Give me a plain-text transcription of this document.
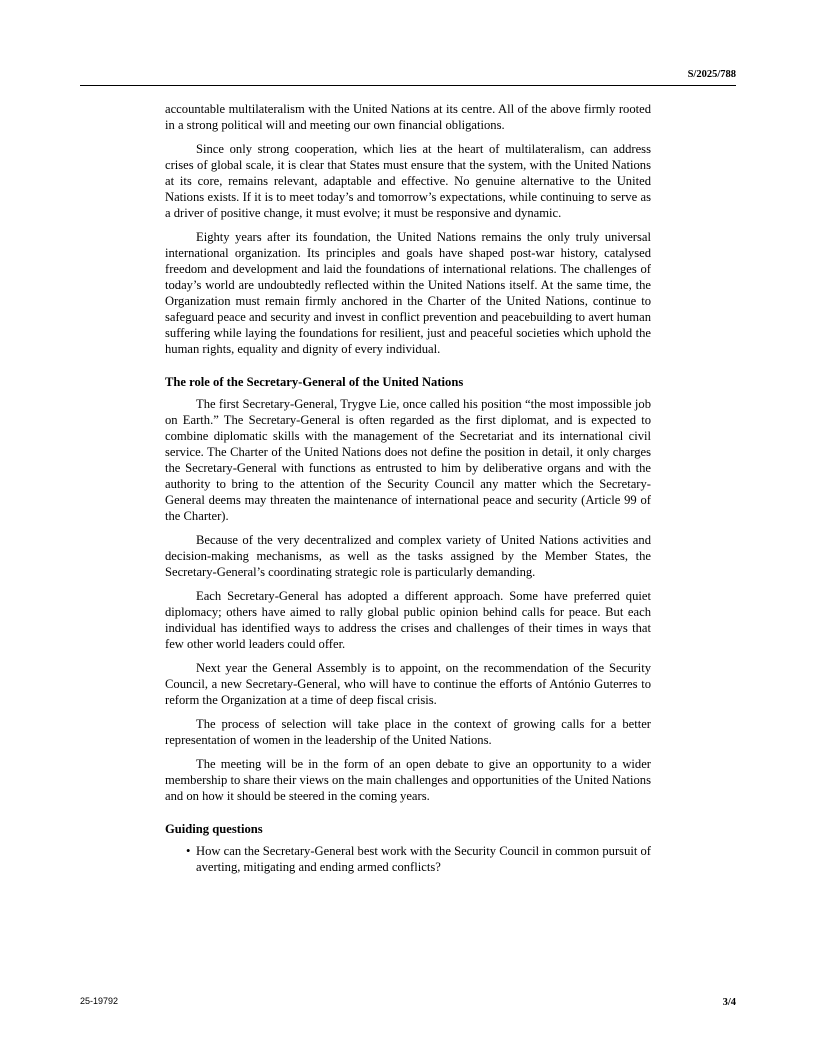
S/2025/788

accountable multilateralism with the United Nations at its centre. All of the above firmly rooted in a strong political will and meeting our own financial obligations.

Since only strong cooperation, which lies at the heart of multilateralism, can address crises of global scale, it is clear that States must ensure that the system, with the United Nations at its core, remains relevant, adaptable and effective. No genuine alternative to the United Nations exists. If it is to meet today’s and tomorrow’s expectations, while continuing to serve as a driver of positive change, it must evolve; it must be responsive and dynamic.

Eighty years after its foundation, the United Nations remains the only truly universal international organization. Its principles and goals have shaped post-war history, catalysed freedom and development and laid the foundations of international relations. The challenges of today’s world are undoubtedly reflected within the United Nations itself. At the same time, the Organization must remain firmly anchored in the Charter of the United Nations, continue to safeguard peace and security and invest in conflict prevention and peacebuilding to avert human suffering while laying the foundations for resilient, just and peaceful societies which uphold the human rights, equality and dignity of every individual.

The role of the Secretary-General of the United Nations

The first Secretary-General, Trygve Lie, once called his position “the most impossible job on Earth.” The Secretary-General is often regarded as the first diplomat, and is expected to combine diplomatic skills with the management of the Secretariat and its international civil service. The Charter of the United Nations does not define the position in detail, it only charges the Secretary-General with functions as entrusted to him by deliberative organs and with the authority to bring to the attention of the Security Council any matter which the Secretary-General deems may threaten the maintenance of international peace and security (Article 99 of the Charter).

Because of the very decentralized and complex variety of United Nations activities and decision-making mechanisms, as well as the tasks assigned by the Member States, the Secretary-General’s coordinating strategic role is particularly demanding.

Each Secretary-General has adopted a different approach. Some have preferred quiet diplomacy; others have aimed to rally global public opinion behind calls for peace. But each individual has identified ways to address the crises and challenges of their times in ways that few other world leaders could offer.

Next year the General Assembly is to appoint, on the recommendation of the Security Council, a new Secretary-General, who will have to continue the efforts of António Guterres to reform the Organization at a time of deep fiscal crisis.

The process of selection will take place in the context of growing calls for a better representation of women in the leadership of the United Nations.

The meeting will be in the form of an open debate to give an opportunity to a wider membership to share their views on the main challenges and opportunities of the United Nations and on how it should be steered in the coming years.

Guiding questions
• How can the Secretary-General best work with the Security Council in common pursuit of averting, mitigating and ending armed conflicts?
25-19792	3/4
